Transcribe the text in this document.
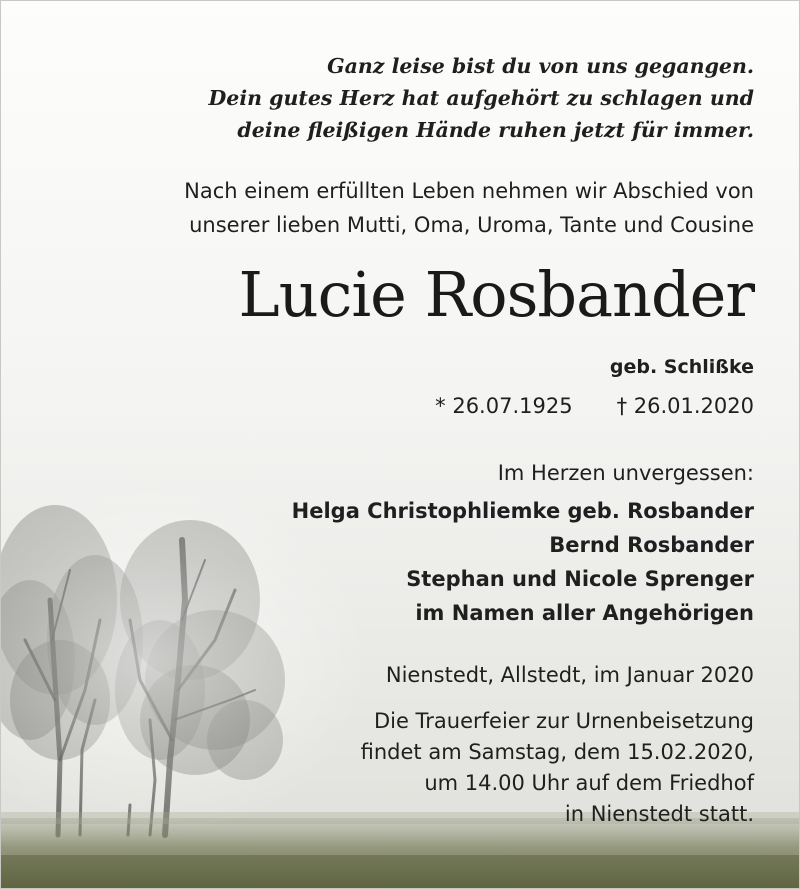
Ganz leise bist du von uns gegangen.
Dein gutes Herz hat aufgehört zu schlagen und
deine fleißigen Hände ruhen jetzt für immer.
Nach einem erfüllten Leben nehmen wir Abschied von
unserer lieben Mutti, Oma, Uroma, Tante und Cousine
Lucie Rosbander
geb. Schlißke
* 26.07.1925 † 26.01.2020
Im Herzen unvergessen:
Helga Christophliemke geb. Rosbander
Bernd Rosbander
Stephan und Nicole Sprenger
im Namen aller Angehörigen
Nienstedt, Allstedt, im Januar 2020
Die Trauerfeier zur Urnenbeisetzung
findet am Samstag, dem 15.02.2020,
um 14.00 Uhr auf dem Friedhof
in Nienstedt statt.
